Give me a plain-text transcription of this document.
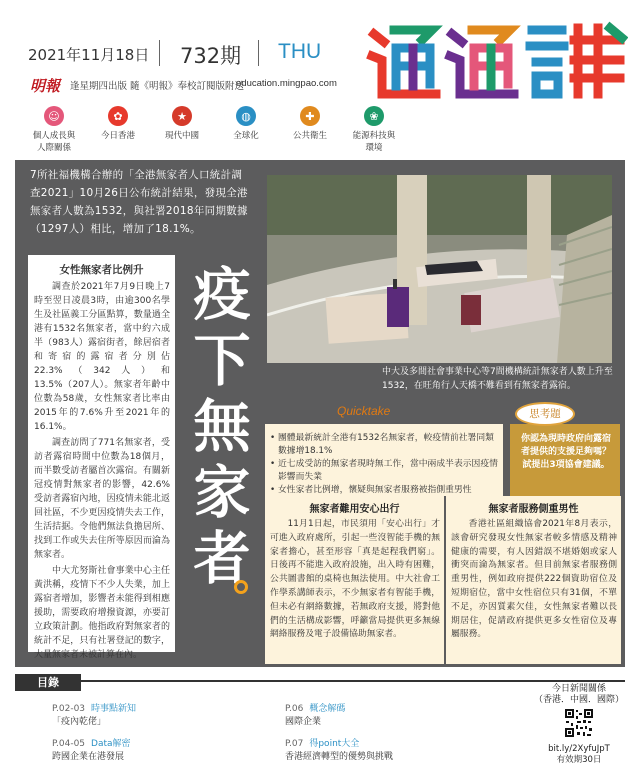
2021年11月18日 732期 THU
明報 逢星期四出版 隨《明報》奉校訂閱版附送
education.mingpao.com
通識
☺
個人成長與
人際關係
✿
今日香港
★
現代中國
◍
全球化
✚
公共衛生
❀
能源科技與
環境
7所社福機構合辦的「全港無家者人口統計調查2021」10月26日公布統計結果，發現全港無家者人數為1532，與社署2018年同期數據（1297人）相比，增加了18.1%。
中大及多間社會事業中心等7間機構統計無家者人數上升至1532，在旺角行人天橋不難看到有無家者露宿。
女性無家者比例升

調查於2021年7月9日晚上7時至翌日凌晨3時，由逾300名學生及社區義工分區點算，數量過全港有1532名無家者，當中約六成半（983人）露宿街者，餘居宿者和寄宿的露宿者分別佔22.3%（342人）和13.5%（207人）。無家者年齡中位數為58歲，女性無家者比率由2015年的7.6%升至2021年的16.1%。

調查訪問了771名無家者，受訪者露宿時間中位數為18個月，而半數受訪者屬首次露宿。有關新冠疫情對無家者的影響，42.6%受訪者露宿內地，因疫情未能北返回社區，不少更因疫情失去工作，生活拮据。令他們無法負擔居所、找到工作或失去住所等原因而淪為無家者。

中大尤努斯社會事業中心主任黃洪稱，疫情下不少人失業，加上露宿者增加，影響者未能得到相應援助，需要政府增撥資源，亦要訂立政策計劃。他指政府對無家者的統計不足，只有社署登記的數字，大量無家者未被計算在內。

疫下無家者
Quicktake
• 團體最新統計全港有1532名無家者，較疫情前社署同類數據增18.1%
• 近七成受訪的無家者現時無工作，當中兩成半表示因疫情影響而失業
• 女性家者比例增，懷疑與無家者服務被指側重男性
思考題
你認為現時政府向露宿者提供的支援足夠嗎？試提出3項協會建議。
無家者難用安心出行	無家者服務側重男性

11月1日起，市民須用「安心出行」才可進入政府處所，引起一些沒智能手機的無家者擔心，甚至形容「真是起程我們窮」。日後再不能進入政府設施，出入時有困難，公共圖書館的桌椅也無法使用。中大社會工作學系講師表示，不少無家者有智能手機，但未必有網絡數據，若無政府支援，將對他們的生活構成影響，呼籲當局提供更多無線網絡服務及電子設備協助無家者。

香港社區組織協會2021年8月表示，該會研究發現女性無家者較多情感及精神健康的需要，有人因錯誤不堪婚姻或家人衝突而淪為無家者。但目前無家者服務側重男性，例如政府提供222個資助宿位及短期宿位，當中女性宿位只有31個，不單不足，亦因質素欠佳，女性無家者難以長期居住，促請政府提供更多女性宿位及專屬服務。

目錄
P.02-03 時事點新知
「疫內乾佬」
P.06 概念解碼
國際企業
P.04-05 Data解密
跨國企業在港發展
P.07 得point大全
香港經濟轉型的優勢與挑戰
今日新聞關係
（香港．中國．國際）
bit.ly/2XyfuJpT
有效期30日
